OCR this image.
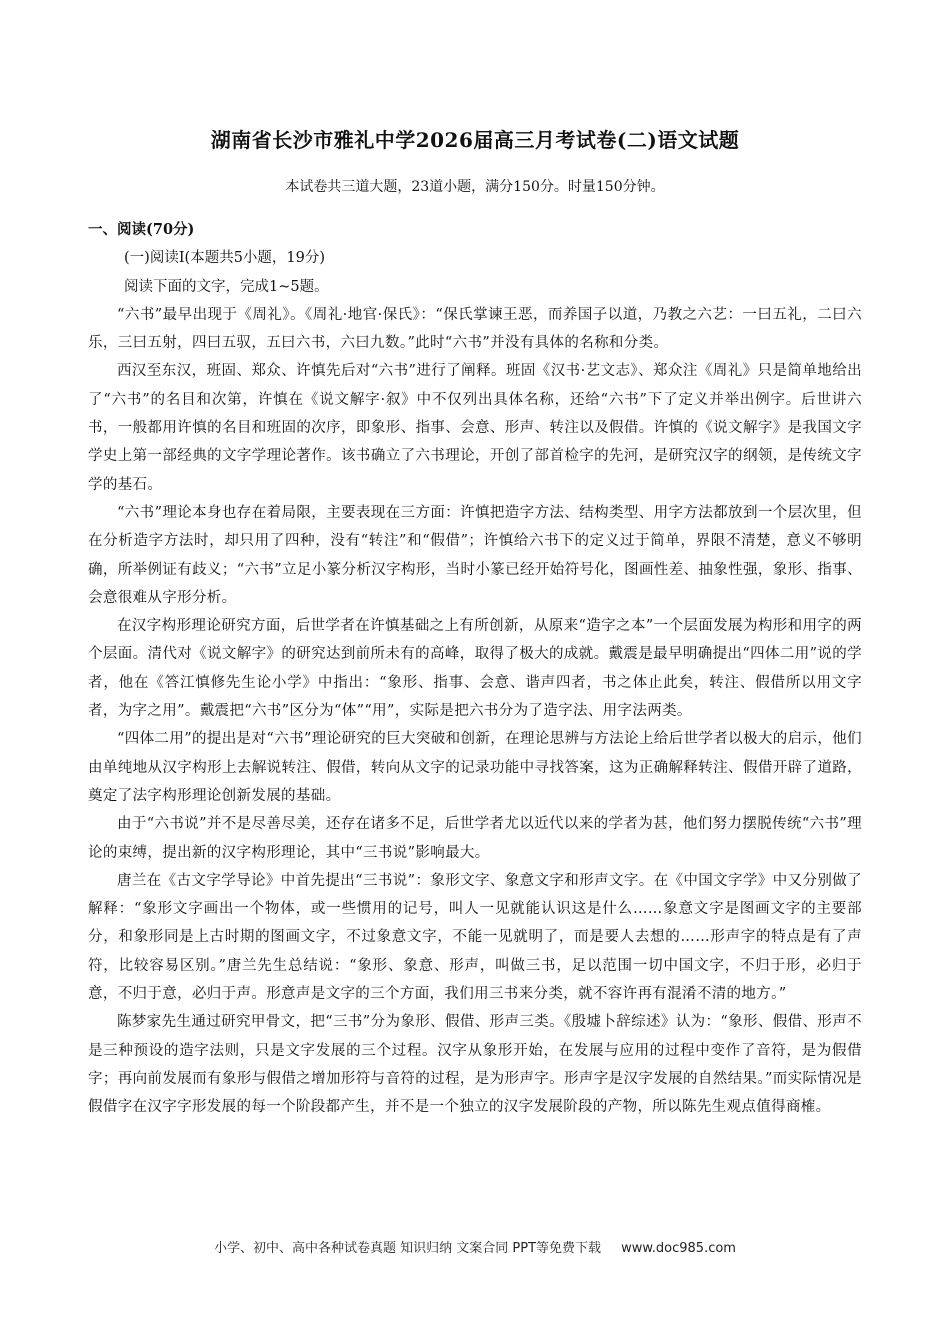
湖南省长沙市雅礼中学2026届高三月考试卷(二)语文试题
本试卷共三道大题，23道小题，满分150分。时量150分钟。
一、阅读(70分)
(一)阅读Ⅰ(本题共5小题，19分)
阅读下面的文字，完成1~5题。

“六书”最早出现于《周礼》。《周礼·地官·保氏》：“保氏掌谏王恶，而养国子以道，乃教之六艺：一曰五礼，二曰六乐，三曰五射，四曰五驭，五曰六书，六曰九数。”此时“六书”并没有具体的名称和分类。

西汉至东汉，班固、郑众、许慎先后对“六书”进行了阐释。班固《汉书·艺文志》、郑众注《周礼》只是简单地给出了“六书”的名目和次第，许慎在《说文解字·叙》中不仅列出具体名称，还给“六书”下了定义并举出例字。后世讲六书，一般都用许慎的名目和班固的次序，即象形、指事、会意、形声、转注以及假借。许慎的《说文解字》是我国文字学史上第一部经典的文字学理论著作。该书确立了六书理论，开创了部首检字的先河，是研究汉字的纲领，是传统文字学的基石。

“六书”理论本身也存在着局限，主要表现在三方面：许慎把造字方法、结构类型、用字方法都放到一个层次里，但在分析造字方法时，却只用了四种，没有“转注”和“假借”；许慎给六书下的定义过于简单，界限不清楚，意义不够明确，所举例证有歧义；“六书”立足小篆分析汉字构形，当时小篆已经开始符号化，图画性差、抽象性强，象形、指事、会意很难从字形分析。

在汉字构形理论研究方面，后世学者在许慎基础之上有所创新，从原来“造字之本”一个层面发展为构形和用字的两个层面。清代对《说文解字》的研究达到前所未有的高峰，取得了极大的成就。戴震是最早明确提出“四体二用”说的学者，他在《答江慎修先生论小学》中指出：“象形、指事、会意、谐声四者，书之体止此矣，转注、假借所以用文字者，为字之用”。戴震把“六书”区分为“体”“用”，实际是把六书分为了造字法、用字法两类。

“四体二用”的提出是对“六书”理论研究的巨大突破和创新，在理论思辨与方法论上给后世学者以极大的启示，他们由单纯地从汉字构形上去解说转注、假借，转向从文字的记录功能中寻找答案，这为正确解释转注、假借开辟了道路，奠定了法字构形理论创新发展的基础。

由于“六书说”并不是尽善尽美，还存在诸多不足，后世学者尤以近代以来的学者为甚，他们努力摆脱传统“六书”理论的束缚，提出新的汉字构形理论，其中“三书说”影响最大。

唐兰在《古文字学导论》中首先提出“三书说”：象形文字、象意文字和形声文字。在《中国文字学》中又分别做了解释：“象形文字画出一个物体，或一些惯用的记号，叫人一见就能认识这是什么……象意文字是图画文字的主要部分，和象形同是上古时期的图画文字，不过象意文字，不能一见就明了，而是要人去想的……形声字的特点是有了声符，比较容易区别。”唐兰先生总结说：“象形、象意、形声，叫做三书，足以范围一切中国文字，不归于形，必归于意，不归于意，必归于声。形意声是文字的三个方面，我们用三书来分类，就不容许再有混淆不清的地方。”

陈梦家先生通过研究甲骨文，把“三书”分为象形、假借、形声三类。《殷墟卜辞综述》认为：“象形、假借、形声不是三种预设的造字法则，只是文字发展的三个过程。汉字从象形开始，在发展与应用的过程中变作了音符，是为假借字；再向前发展而有象形与假借之增加形符与音符的过程，是为形声字。形声字是汉字发展的自然结果。”而实际情况是假借字在汉字字形发展的每一个阶段都产生，并不是一个独立的汉字发展阶段的产物，所以陈先生观点值得商榷。

小学、初中、高中各种试卷真题 知识归纳 文案合同 PPT等免费下载 www.doc985.com
